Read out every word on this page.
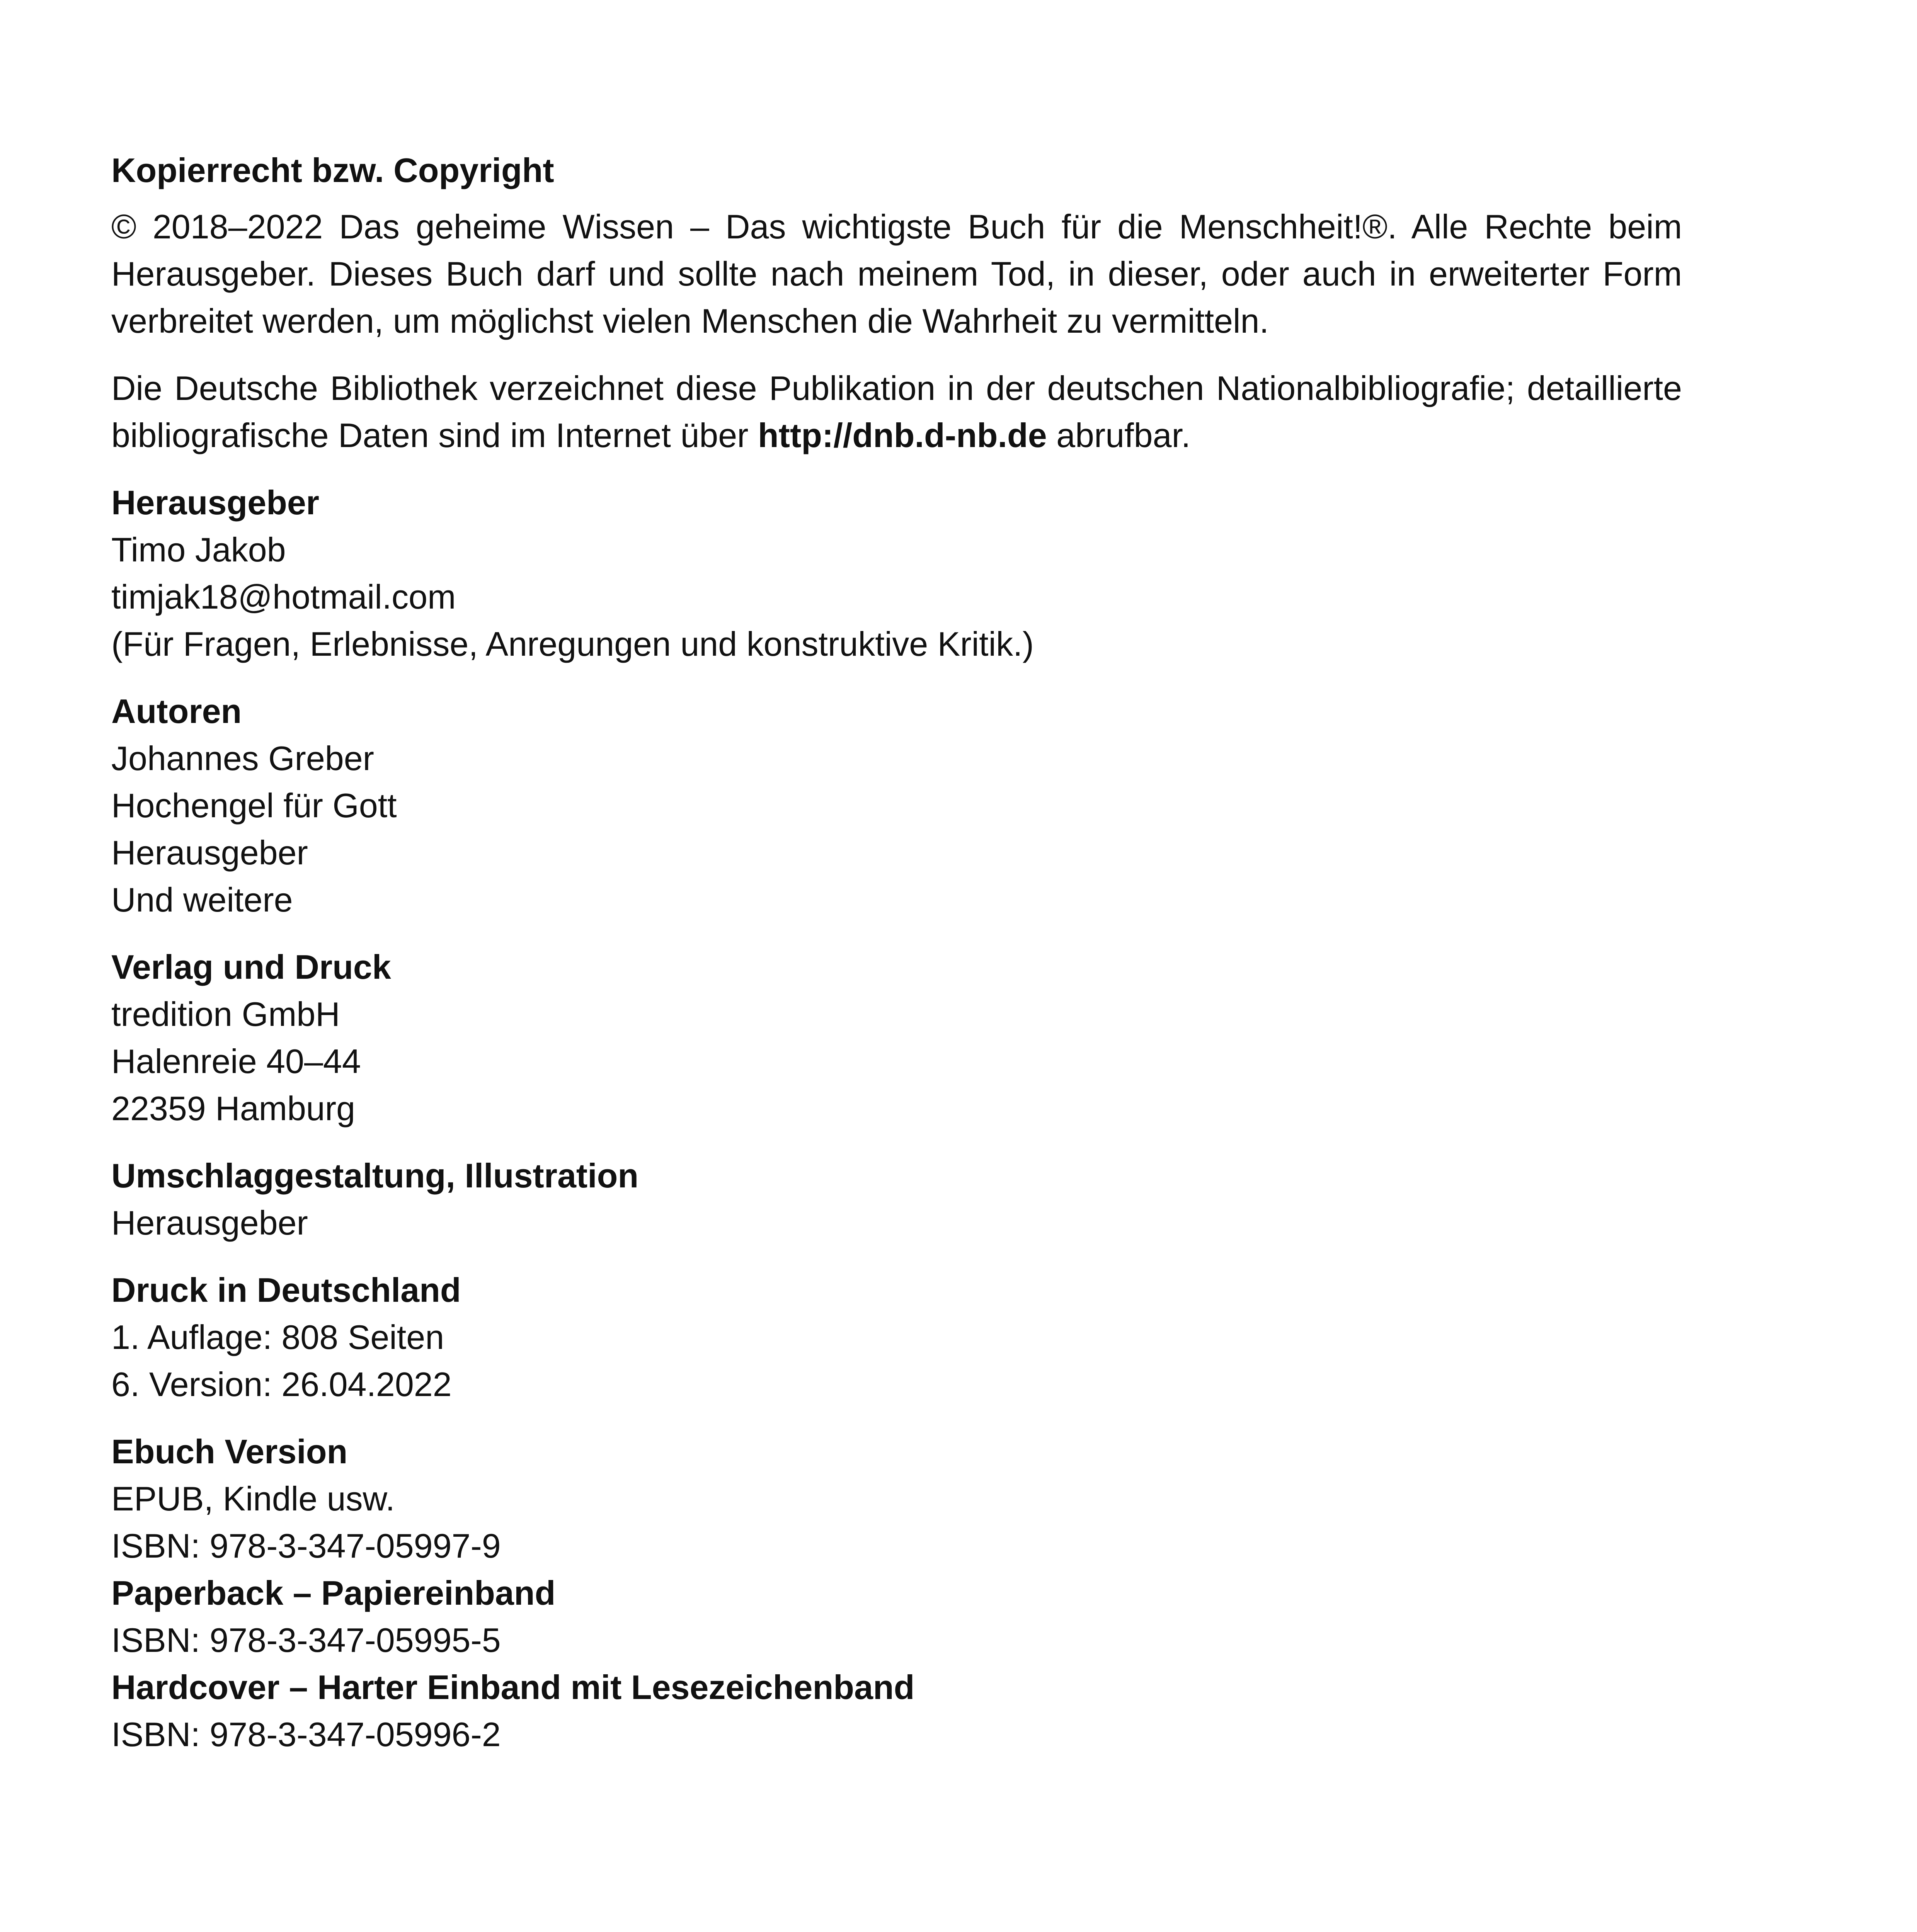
Kopierrecht bzw. Copyright

© 2018–2022 Das geheime Wissen – Das wichtigste Buch für die Menschheit!®. Alle Rechte beim Herausgeber. Dieses Buch darf und sollte nach meinem Tod, in dieser, oder auch in erweiterter Form verbreitet werden, um möglichst vielen Menschen die Wahrheit zu vermitteln.

Die Deutsche Bibliothek verzeichnet diese Publikation in der deutschen Nationalbibliografie; detaillierte bibliografische Daten sind im Internet über http://dnb.d-nb.de abrufbar.

Herausgeber

Timo Jakob

timjak18@hotmail.com

(Für Fragen, Erlebnisse, Anregungen und konstruktive Kritik.)

Autoren

Johannes Greber

Hochengel für Gott

Herausgeber

Und weitere

Verlag und Druck

tredition GmbH

Halenreie 40–44

22359 Hamburg

Umschlaggestaltung, Illustration

Herausgeber

Druck in Deutschland

1. Auflage: 808 Seiten

6. Version: 26.04.2022

Ebuch Version

EPUB, Kindle usw.

ISBN: 978-3-347-05997-9

Paperback – Papiereinband

ISBN: 978-3-347-05995-5

Hardcover – Harter Einband mit Lesezeichenband

ISBN: 978-3-347-05996-2
